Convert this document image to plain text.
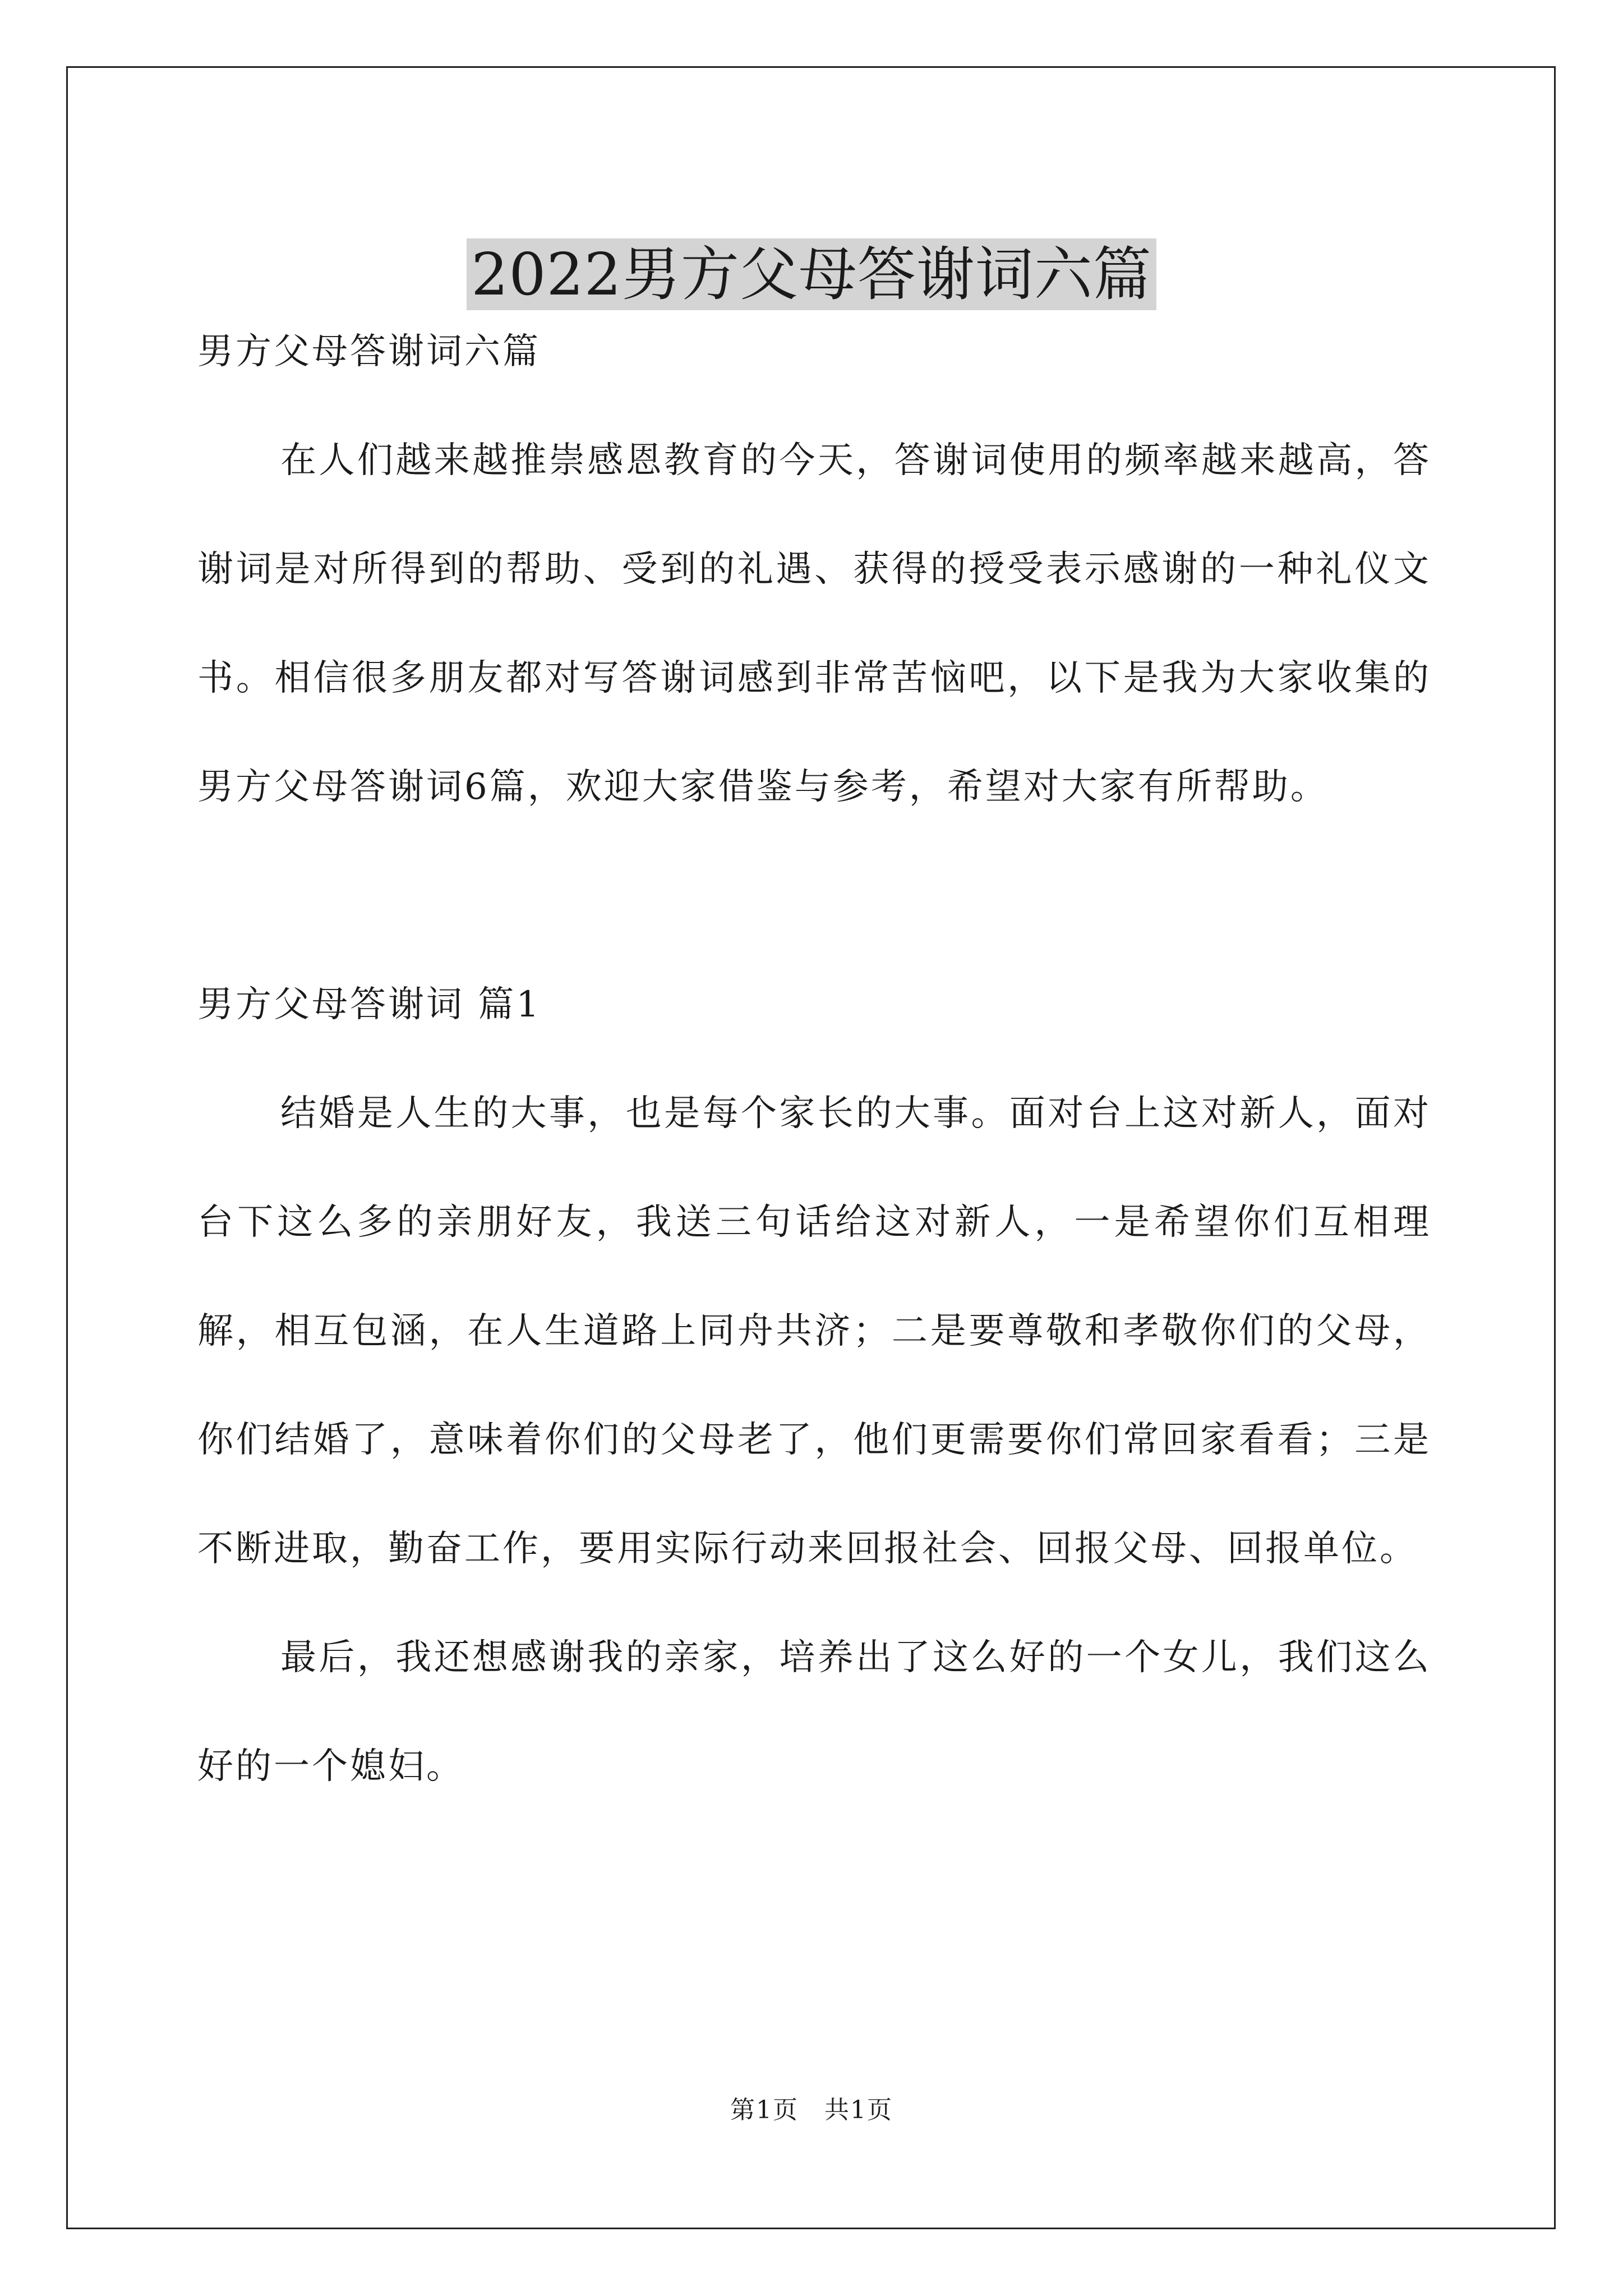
2022男方父母答谢词六篇

男方父母答谢词六篇

在人们越来越推崇感恩教育的今天，答谢词使用的频率越来越高，答谢词是对所得到的帮助、受到的礼遇、获得的授受表示感谢的一种礼仪文书。相信很多朋友都对写答谢词感到非常苦恼吧，以下是我为大家收集的男方父母答谢词6篇，欢迎大家借鉴与参考，希望对大家有所帮助。

男方父母答谢词 篇1

结婚是人生的大事，也是每个家长的大事。面对台上这对新人，面对台下这么多的亲朋好友，我送三句话给这对新人，一是希望你们互相理解，相互包涵，在人生道路上同舟共济；二是要尊敬和孝敬你们的父母，你们结婚了，意味着你们的父母老了，他们更需要你们常回家看看；三是不断进取，勤奋工作，要用实际行动来回报社会、回报父母、回报单位。

最后，我还想感谢我的亲家，培养出了这么好的一个女儿，我们这么好的一个媳妇。

第1页　共1页
